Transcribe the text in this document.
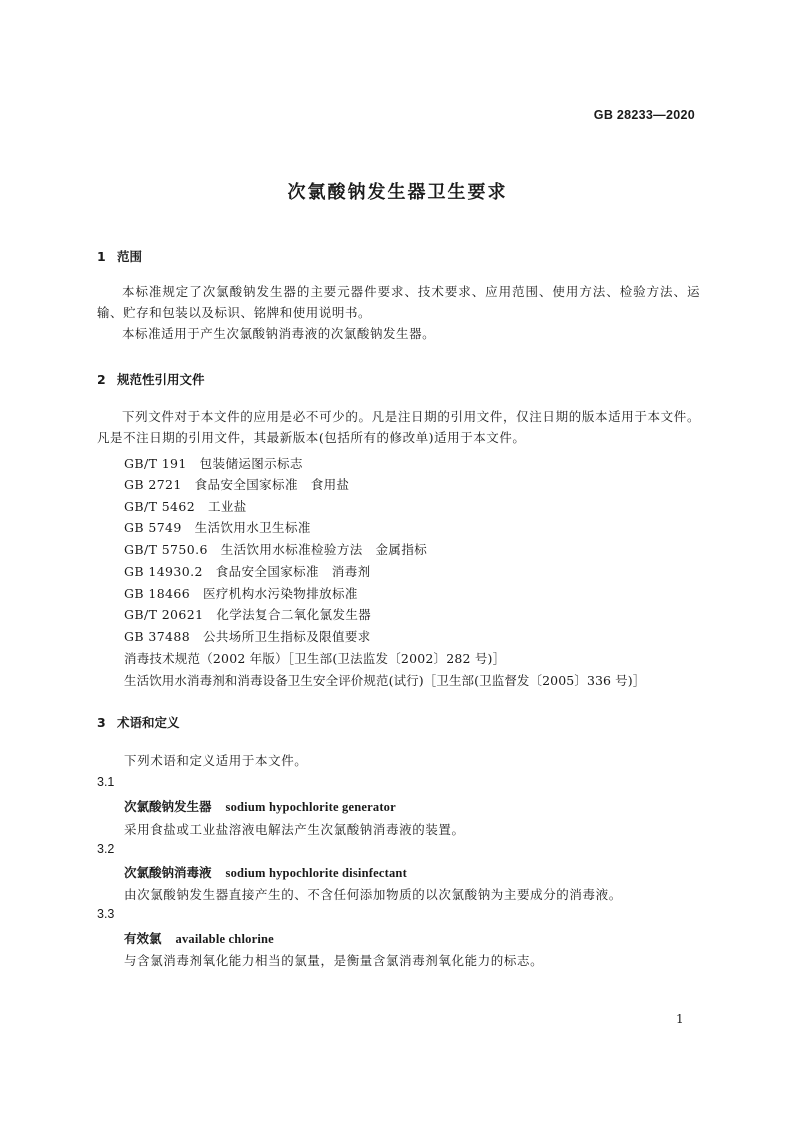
GB 28233—2020
次氯酸钠发生器卫生要求
1 范围
本标准规定了次氯酸钠发生器的主要元器件要求、技术要求、应用范围、使用方法、检验方法、运输、贮存和包装以及标识、铭牌和使用说明书。
本标准适用于产生次氯酸钠消毒液的次氯酸钠发生器。
2 规范性引用文件
下列文件对于本文件的应用是必不可少的。凡是注日期的引用文件，仅注日期的版本适用于本文件。凡是不注日期的引用文件，其最新版本(包括所有的修改单)适用于本文件。
GB/T 191　包装储运图示标志
GB 2721　食品安全国家标准　食用盐
GB/T 5462　工业盐
GB 5749　生活饮用水卫生标准
GB/T 5750.6　生活饮用水标准检验方法　金属指标
GB 14930.2　食品安全国家标准　消毒剂
GB 18466　医疗机构水污染物排放标准
GB/T 20621　化学法复合二氧化氯发生器
GB 37488　公共场所卫生指标及限值要求
消毒技术规范（2002 年版）［卫生部(卫法监发〔2002〕282 号)］
生活饮用水消毒剂和消毒设备卫生安全评价规范(试行)［卫生部(卫监督发〔2005〕336 号)］
3 术语和定义
下列术语和定义适用于本文件。
3.1
次氯酸钠发生器 sodium hypochlorite generator
采用食盐或工业盐溶液电解法产生次氯酸钠消毒液的装置。
3.2
次氯酸钠消毒液 sodium hypochlorite disinfectant
由次氯酸钠发生器直接产生的、不含任何添加物质的以次氯酸钠为主要成分的消毒液。
3.3
有效氯 available chlorine
与含氯消毒剂氧化能力相当的氯量，是衡量含氯消毒剂氧化能力的标志。
1
